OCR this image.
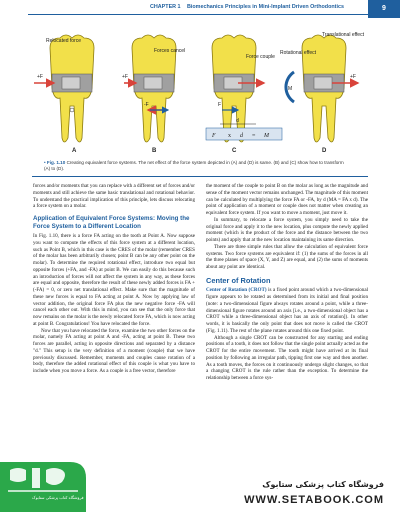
CHAPTER 1 Biomechanics Principles in Mini-Implant Driven Orthodontics	9
Relocated force
+F
A
Forces cancel
-F
+F
B
Force couple
F
d
C
F x d = M
Rotational effect
Translational effect
M
+F
D
• Fig. 1.10 Creating equivalent force systems. The net effect of the force system depicted in (A) and (D) is same. (B) and (C) show how to transform (A) to (D).

forces and/or moments that you can replace with a different set of forces and/or moments and still achieve the same basic translational and rotational behavior. To understand the practical implication of this principle, lets discuss relocating a force system on a molar.

Application of Equivalent Force Systems: Moving the Force System to a Different Location

In Fig. 1.10, there is a force FA acting on the tooth at Point A. Now suppose you want to compute the effects of this force system at a different location, such as Point B, which in this case is the CRES of the molar (remember CRES of the molar has been arbitrarily chosen; point B can be any other point on the molar). To determine the required rotational effect, introduce two equal but opposite forces (+FA, and -FA) at point B. We can easily do this because such an introduction of forces will not affect the system in any way, as these forces are equal and opposite, therefore the result of these newly added forces is FA + (-FA) = 0, or zero net translational effect. Make sure that the magnitude of these new forces is equal to FA acting at point A. Now by applying law of vector addition, the original force FA plus the new negative force -FA will cancel each other out. With this in mind, you can see that the only force that now remains on the molar is the newly relocated force FA, which is now acting at point B. Congratulations! You have relocated the force.

Now that you have relocated the force, examine the two other forces on the molar, namely FA acting at point A and -FA, acting at point B. These two forces are parallel, acting in opposite directions and separated by a distance "d." This setup is the very definition of a moment (couple) that we have previously discussed. Remember, moments and couples cause rotation of a body, therefore the added rotational effect of this couple is what you have to include when you move a force. As a couple is a free vector, therefore

the moment of the couple to point B on the molar as long as the magnitude and sense of the moment vector remains unchanged. The magnitude of this moment can be calculated by multiplying the force FA or -FA, by d (MA = FA x d). The point of application of a moment or couple does not matter when creating an equivalent force system. If you want to move a moment, just move it.

In summary, to relocate a force system, you simply need to take the original force and apply it to the new location, plus compute the newly applied moment (which is the product of the force and the distance between the two points) and apply that at the new location maintaining its same direction.

There are three simple rules that allow the calculation of equivalent force systems. Two force systems are equivalent if: (1) the sums of the forces in all the three planes of space (X, Y, and Z) are equal, and (2) the sums of moments about any point are identical.

Center of Rotation

Center of Rotation (CROT) is a fixed point around which a two-dimensional figure appears to be rotated as determined from its initial and final position (note: a two-dimensional figure always rotates around a point, while a three-dimensional figure rotates around an axis [i.e., a two-dimensional object has a CROT while a three-dimensional object has an axis of rotation]). In other words, it is basically the only point that does not move is called the CROT (Fig. 1.11). The rest of the plane rotates around this one fixed point.

Although a single CROT can be constructed for any starting and ending positions of a tooth, it does not follow that the single point actually acted as the CROT for the entire movement. The tooth might have arrived at its final position by following an irregular path, tipping first one way and then another. As a tooth moves, the forces on it continuously undergo slight changes, so that a changing CROT is the rule rather than the exception. To determine the relationship between a force sys-

فروشگاه کتاب پزشکی ستابوک
فروشگاه کتاب پزشکی ستابوک
WWW.SETABOOK.COM
